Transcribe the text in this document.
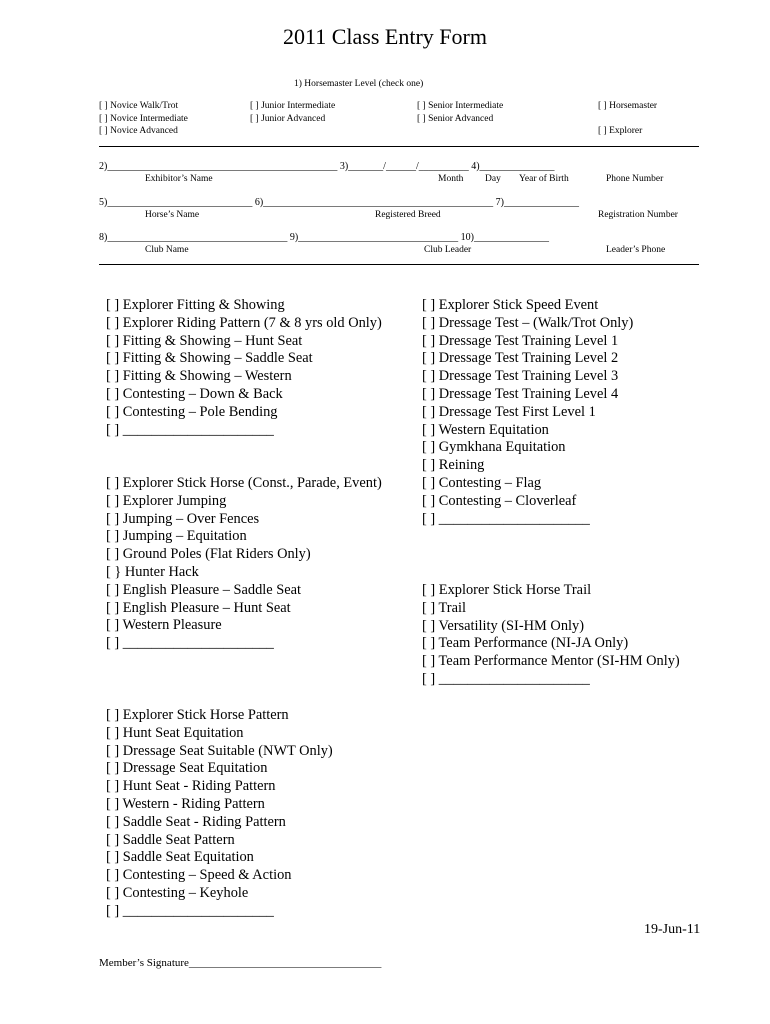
2011 Class Entry Form
1) Horsemaster Level (check one)
[ ] Novice Walk/Trot
[ ] Novice Intermediate
[ ] Novice Advanced
[ ] Junior Intermediate
[ ] Junior Advanced
[ ] Senior Intermediate
[ ] Senior Advanced
[ ] Horsemaster
[ ] Explorer
2)______________________________________________ 3)_______/______/__________ 4)_______________
Exhibitor’s Name	Month Day Year of Birth	Phone Number
5)_____________________________ 6)______________________________________________ 7)_______________
Horse’s Name	Registered Breed	Registration Number
8)____________________________________ 9)________________________________ 10)_______________
Club Name	Club Leader	Leader’s Phone
[ ] Explorer Fitting & Showing
[ ] Explorer Riding Pattern (7 & 8 yrs old Only)
[ ] Fitting & Showing – Hunt Seat
[ ] Fitting & Showing – Saddle Seat
[ ] Fitting & Showing – Western
[ ] Contesting – Down & Back
[ ] Contesting – Pole Bending
[ ] _____________________
[ ] Explorer Stick Horse (Const., Parade, Event)
[ ] Explorer Jumping
[ ] Jumping – Over Fences
[ ] Jumping – Equitation
[ ] Ground Poles (Flat Riders Only)
[ } Hunter Hack
[ ] English Pleasure – Saddle Seat
[ ] English Pleasure – Hunt Seat
[ ] Western Pleasure
[ ] _____________________
[ ] Explorer Stick Horse Pattern
[ ] Hunt Seat Equitation
[ ] Dressage Seat Suitable (NWT Only)
[ ] Dressage Seat Equitation
[ ] Hunt Seat - Riding Pattern
[ ] Western - Riding Pattern
[ ] Saddle Seat - Riding Pattern
[ ] Saddle Seat Pattern
[ ] Saddle Seat Equitation
[ ] Contesting – Speed & Action
[ ] Contesting – Keyhole
[ ] _____________________
[ ] Explorer Stick Speed Event
[ ] Dressage Test – (Walk/Trot Only)
[ ] Dressage Test Training Level 1
[ ] Dressage Test Training Level 2
[ ] Dressage Test Training Level 3
[ ] Dressage Test Training Level 4
[ ] Dressage Test First Level 1
[ ] Western Equitation
[ ] Gymkhana Equitation
[ ] Reining
[ ] Contesting – Flag
[ ] Contesting – Cloverleaf
[ ] _____________________
[ ] Explorer Stick Horse Trail
[ ] Trail
[ ] Versatility (SI-HM Only)
[ ] Team Performance (NI-JA Only)
[ ] Team Performance Mentor (SI-HM Only)
[ ] _____________________
19-Jun-11
Member’s Signature___________________________________
